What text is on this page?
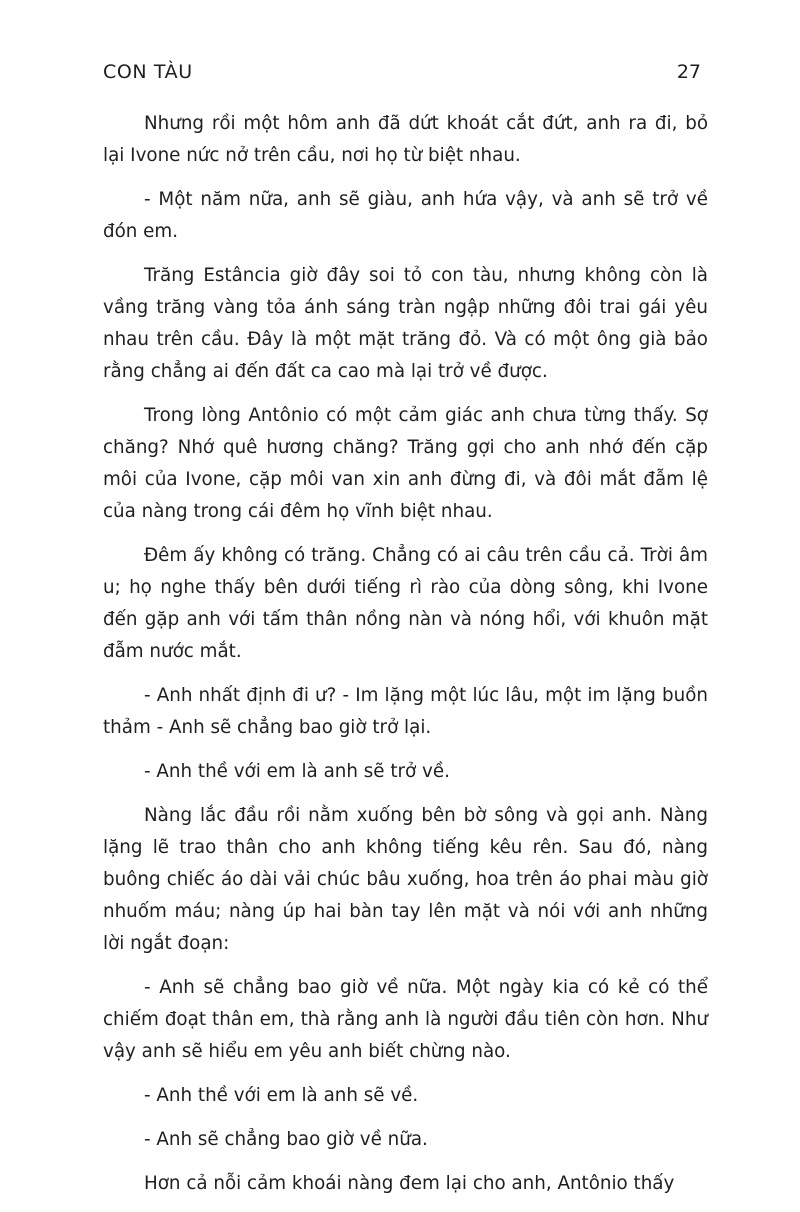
CON TÀU	27

Nhưng rồi một hôm anh đã dứt khoát cắt đứt, anh ra đi, bỏ lại Ivone nức nở trên cầu, nơi họ từ biệt nhau.

- Một năm nữa, anh sẽ giàu, anh hứa vậy, và anh sẽ trở về đón em.

Trăng Estância giờ đây soi tỏ con tàu, nhưng không còn là vầng trăng vàng tỏa ánh sáng tràn ngập những đôi trai gái yêu nhau trên cầu. Đây là một mặt trăng đỏ. Và có một ông già bảo rằng chẳng ai đến đất ca cao mà lại trở về được.

Trong lòng Antônio có một cảm giác anh chưa từng thấy. Sợ chăng? Nhớ quê hương chăng? Trăng gợi cho anh nhớ đến cặp môi của Ivone, cặp môi van xin anh đừng đi, và đôi mắt đẫm lệ của nàng trong cái đêm họ vĩnh biệt nhau.

Đêm ấy không có trăng. Chẳng có ai câu trên cầu cả. Trời âm u; họ nghe thấy bên dưới tiếng rì rào của dòng sông, khi Ivone đến gặp anh với tấm thân nồng nàn và nóng hổi, với khuôn mặt đẫm nước mắt.

- Anh nhất định đi ư? - Im lặng một lúc lâu, một im lặng buồn thảm - Anh sẽ chẳng bao giờ trở lại.

- Anh thề với em là anh sẽ trở về.

Nàng lắc đầu rồi nằm xuống bên bờ sông và gọi anh. Nàng lặng lẽ trao thân cho anh không tiếng kêu rên. Sau đó, nàng buông chiếc áo dài vải chúc bâu xuống, hoa trên áo phai màu giờ nhuốm máu; nàng úp hai bàn tay lên mặt và nói với anh những lời ngắt đoạn:

- Anh sẽ chẳng bao giờ về nữa. Một ngày kia có kẻ có thể chiếm đoạt thân em, thà rằng anh là người đầu tiên còn hơn. Như vậy anh sẽ hiểu em yêu anh biết chừng nào.

- Anh thề với em là anh sẽ về.

- Anh sẽ chẳng bao giờ về nữa.

Hơn cả nỗi cảm khoái nàng đem lại cho anh, Antônio thấy
